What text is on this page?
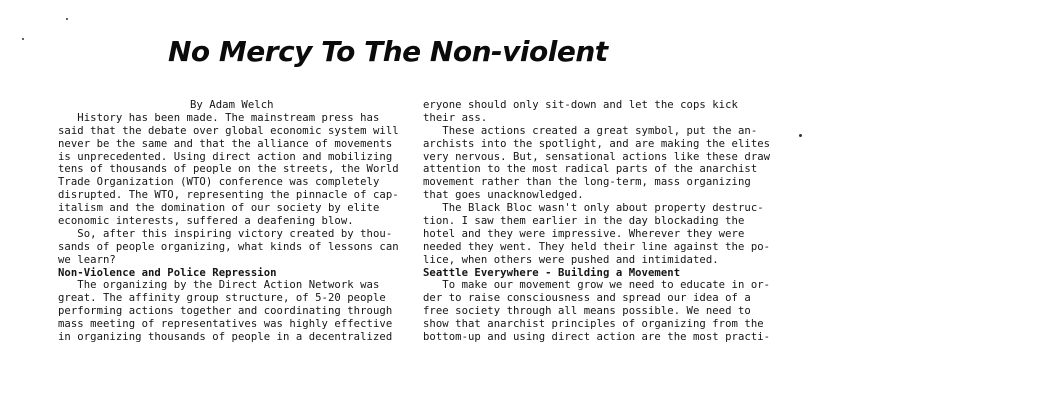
No Mercy To The Non-violent
By Adam Welch
History has been made. The mainstream press has
said that the debate over global economic system will
never be the same and that the alliance of movements
is unprecedented. Using direct action and mobilizing
tens of thousands of people on the streets, the World
Trade Organization (WTO) conference was completely
disrupted. The WTO, representing the pinnacle of cap-
italism and the domination of our society by elite
economic interests, suffered a deafening blow.
So, after this inspiring victory created by thou-
sands of people organizing, what kinds of lessons can
we learn?
Non-Violence and Police Repression
The organizing by the Direct Action Network was
great. The affinity group structure, of 5-20 people
performing actions together and coordinating through
mass meeting of representatives was highly effective
in organizing thousands of people in a decentralized
eryone should only sit-down and let the cops kick
their ass.
These actions created a great symbol, put the an-
archists into the spotlight, and are making the elites
very nervous. But, sensational actions like these draw
attention to the most radical parts of the anarchist
movement rather than the long-term, mass organizing
that goes unacknowledged.
The Black Bloc wasn't only about property destruc-
tion. I saw them earlier in the day blockading the
hotel and they were impressive. Wherever they were
needed they went. They held their line against the po-
lice, when others were pushed and intimidated.
Seattle Everywhere - Building a Movement
To make our movement grow we need to educate in or-
der to raise consciousness and spread our idea of a
free society through all means possible. We need to
show that anarchist principles of organizing from the
bottom-up and using direct action are the most practi-
